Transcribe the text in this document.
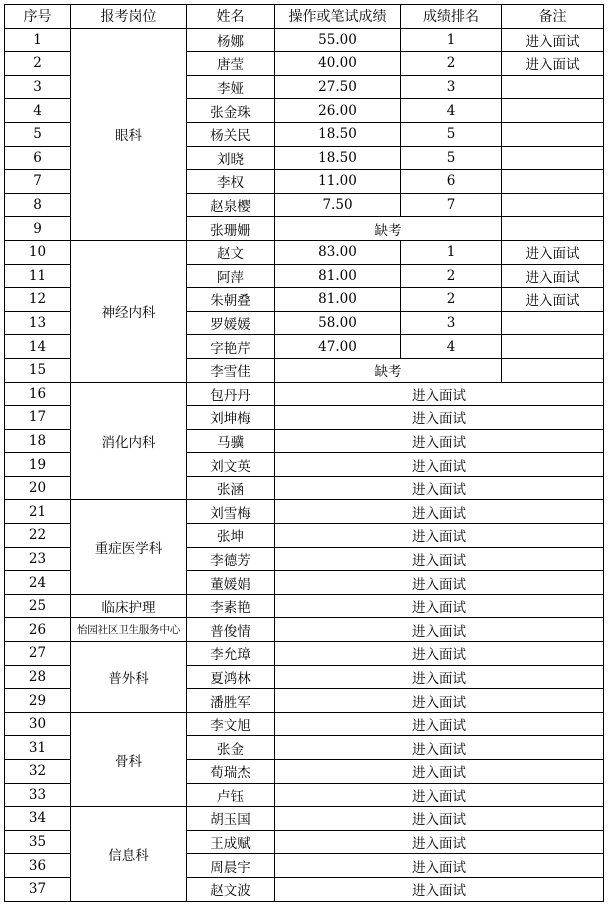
序号	报考岗位	姓名	操作或笔试成绩	成绩排名	备注
1	眼科	杨娜	55.00	1	进入面试
2		唐莹	40.00	2	进入面试
3		李娅	27.50	3	
4		张金珠	26.00	4	
5		杨关民	18.50	5	
6		刘晓	18.50	5	
7		李权	11.00	6	
8		赵泉樱	7.50	7	
9		张珊姗	缺考		
10	神经内科	赵文	83.00	1	进入面试
11		阿萍	81.00	2	进入面试
12		朱朝叠	81.00	2	进入面试
13		罗媛媛	58.00	3	
14		字艳芹	47.00	4	
15		李雪佳	缺考		
16	消化内科	包丹丹	进入面试		
17		刘坤梅	进入面试		
18		马骥	进入面试		
19		刘文英	进入面试		
20		张涵	进入面试		
21	重症医学科	刘雪梅	进入面试		
22		张坤	进入面试		
23		李德芳	进入面试		
24		董媛娟	进入面试		
25	临床护理	李素艳	进入面试		
26	怡园社区卫生服务中心	普俊情	进入面试		
27	普外科	李允璋	进入面试		
28		夏鸿林	进入面试		
29		潘胜军	进入面试		
30	骨科	李文旭	进入面试		
31		张金	进入面试		
32		荀瑞杰	进入面试		
33		卢钰	进入面试		
34	信息科	胡玉国	进入面试		
35		王成赋	进入面试		
36		周晨宇	进入面试		
37		赵文波	进入面试		
